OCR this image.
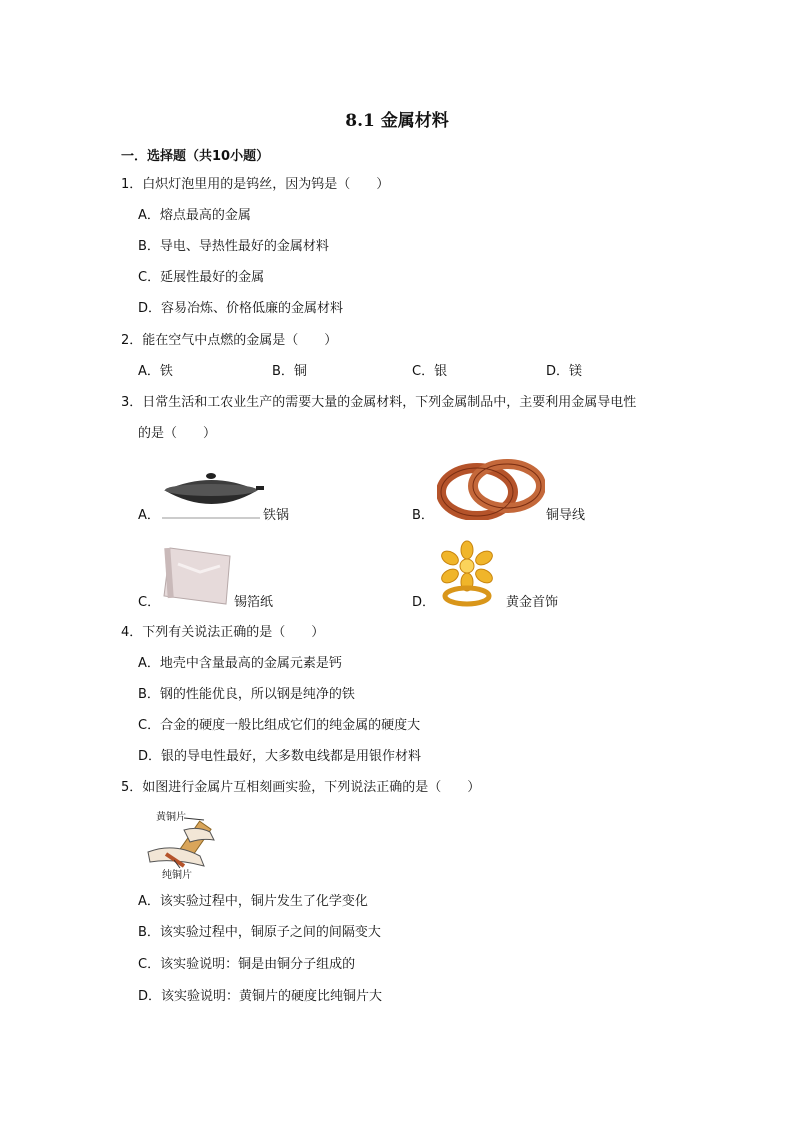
8.1 金属材料
一．选择题（共10小题）
1．白炽灯泡里用的是钨丝，因为钨是（　　）
A．熔点最高的金属
B．导电、导热性最好的金属材料
C．延展性最好的金属
D．容易冶炼、价格低廉的金属材料
2．能在空气中点燃的金属是（　　）
A．铁	B．铜	C．银	D．镁
3．日常生活和工农业生产的需要大量的金属材料，下列金属制品中，主要利用金属导电性
的是（　　）
A．	铁锅	B．	铜导线
C．	锡箔纸	D．	黄金首饰
4．下列有关说法正确的是（　　）
A．地壳中含量最高的金属元素是钙
B．钢的性能优良，所以钢是纯净的铁
C．合金的硬度一般比组成它们的纯金属的硬度大
D．银的导电性最好，大多数电线都是用银作材料
5．如图进行金属片互相刻画实验，下列说法正确的是（　　）
黄铜片
纯铜片
A．该实验过程中，铜片发生了化学变化
B．该实验过程中，铜原子之间的间隔变大
C．该实验说明：铜是由铜分子组成的
D．该实验说明：黄铜片的硬度比纯铜片大
